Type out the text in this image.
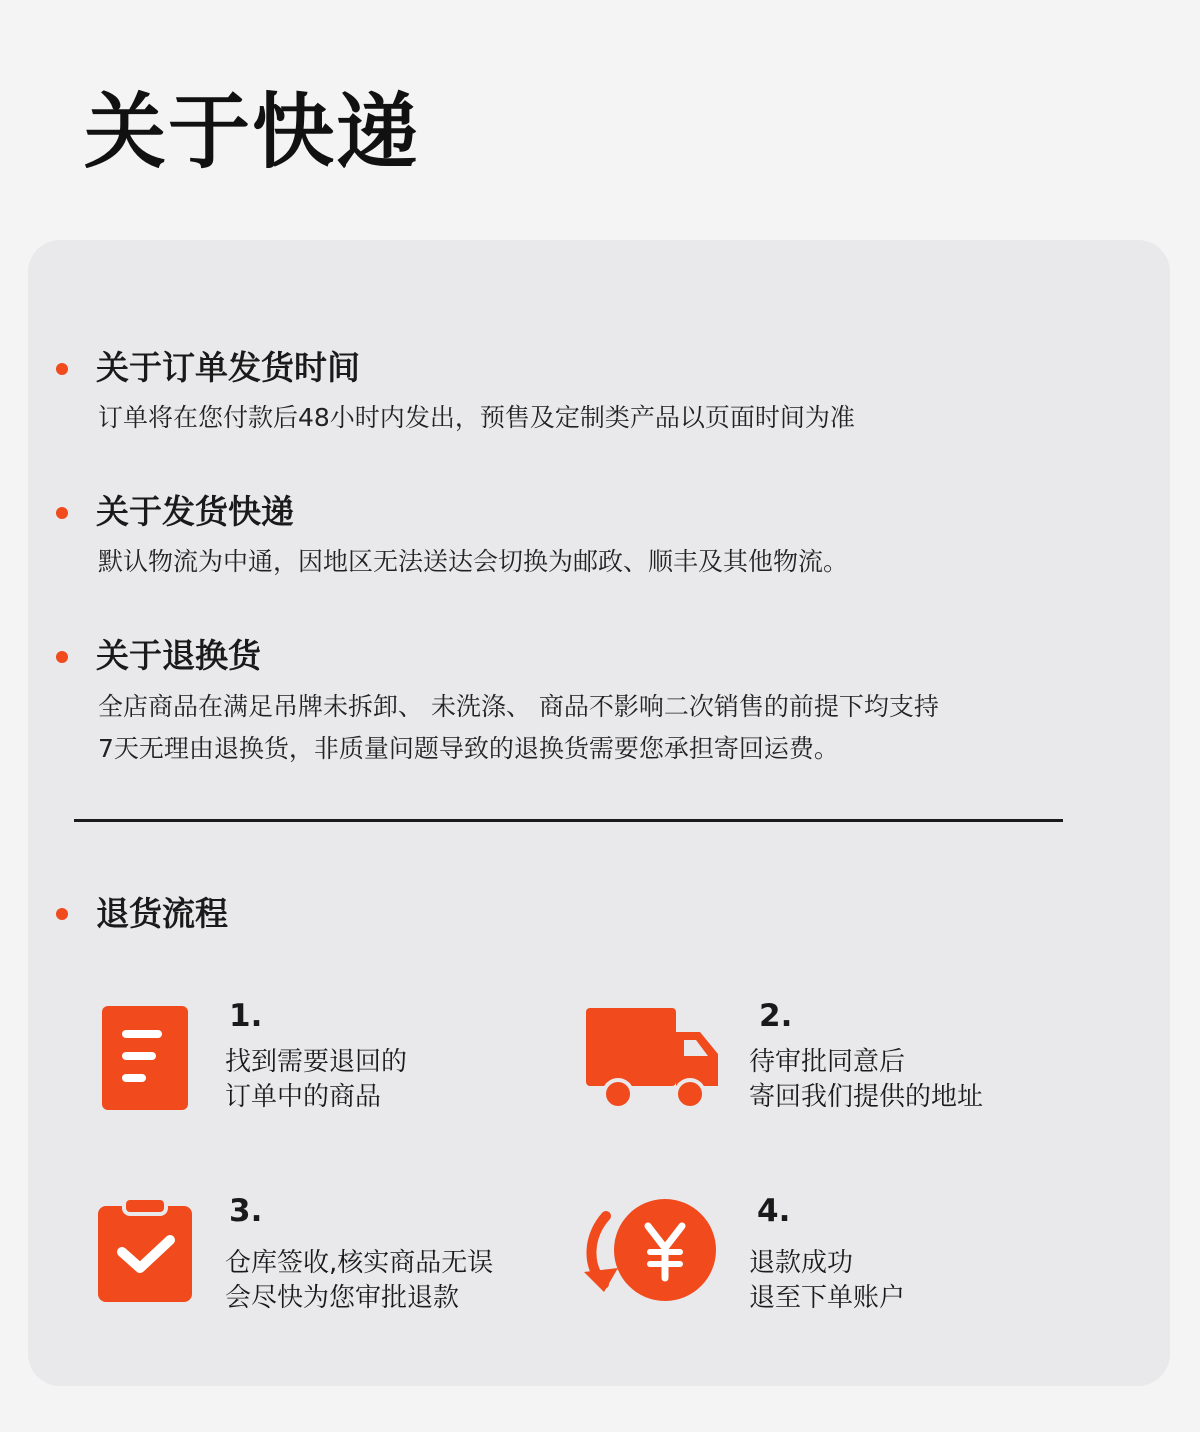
关于快递
关于订单发货时间
订单将在您付款后48小时内发出，预售及定制类产品以页面时间为准
关于发货快递
默认物流为中通，因地区无法送达会切换为邮政、顺丰及其他物流。
关于退换货
全店商品在满足吊牌未拆卸、 未洗涤、 商品不影响二次销售的前提下均支持
7天无理由退换货，非质量问题导致的退换货需要您承担寄回运费。
退货流程
1.
找到需要退回的
订单中的商品
2.
待审批同意后
寄回我们提供的地址
3.
仓库签收,核实商品无误
会尽快为您审批退款
4.
退款成功
退至下单账户
